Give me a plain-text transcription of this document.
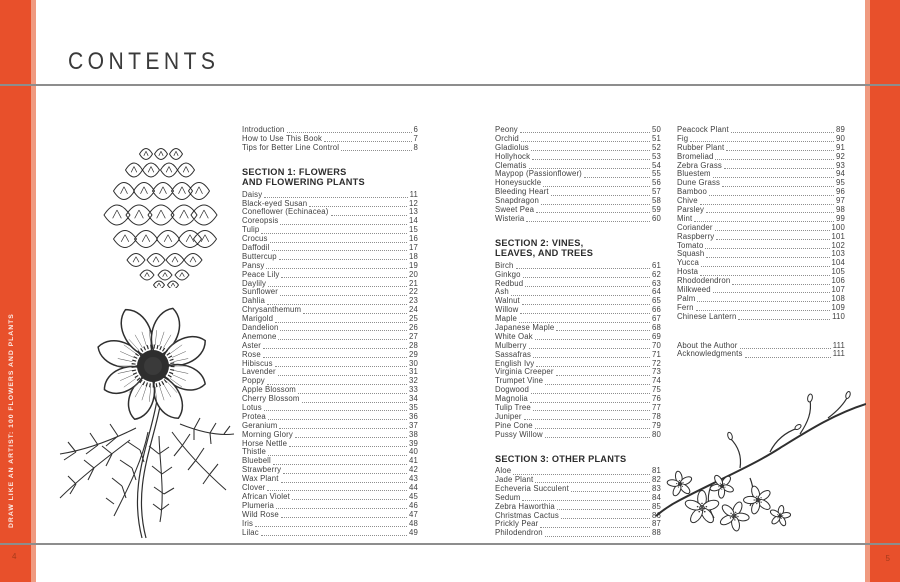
CONTENTS
DRAW LIKE AN ARTIST: 100 FLOWERS AND PLANTS
4	5
Introduction	6
How to Use This Book	7
Tips for Better Line Control	8
SECTION 1: FLOWERS
AND FLOWERING PLANTS
Daisy	11
Black-eyed Susan	12
Coneflower (Echinacea)	13
Coreopsis	14
Tulip	15
Crocus	16
Daffodil	17
Buttercup	18
Pansy	19
Peace Lily	20
Daylily	21
Sunflower	22
Dahlia	23
Chrysanthemum	24
Marigold	25
Dandelion	26
Anemone	27
Aster	28
Rose	29
Hibiscus	30
Lavender	31
Poppy	32
Apple Blossom	33
Cherry Blossom	34
Lotus	35
Protea	36
Geranium	37
Morning Glory	38
Horse Nettle	39
Thistle	40
Bluebell	41
Strawberry	42
Wax Plant	43
Clover	44
African Violet	45
Plumeria	46
Wild Rose	47
Iris	48
Lilac	49
Peony	50
Orchid	51
Gladiolus	52
Hollyhock	53
Clematis	54
Maypop (Passionflower)	55
Honeysuckle	56
Bleeding Heart	57
Snapdragon	58
Sweet Pea	59
Wisteria	60
SECTION 2: VINES,
LEAVES, AND TREES
Birch	61
Ginkgo	62
Redbud	63
Ash	64
Walnut	65
Willow	66
Maple	67
Japanese Maple	68
White Oak	69
Mulberry	70
Sassafras	71
English Ivy	72
Virginia Creeper	73
Trumpet Vine	74
Dogwood	75
Magnolia	76
Tulip Tree	77
Juniper	78
Pine Cone	79
Pussy Willow	80
SECTION 3: OTHER PLANTS
Aloe	81
Jade Plant	82
Echeveria Succulent	83
Sedum	84
Zebra Haworthia	85
Christmas Cactus	86
Prickly Pear	87
Philodendron	88
Peacock Plant	89
Fig	90
Rubber Plant	91
Bromeliad	92
Zebra Grass	93
Bluestem	94
Dune Grass	95
Bamboo	96
Chive	97
Parsley	98
Mint	99
Coriander	100
Raspberry	101
Tomato	102
Squash	103
Yucca	104
Hosta	105
Rhododendron	106
Milkweed	107
Palm	108
Fern	109
Chinese Lantern	110
About the Author	111
Acknowledgments	111
